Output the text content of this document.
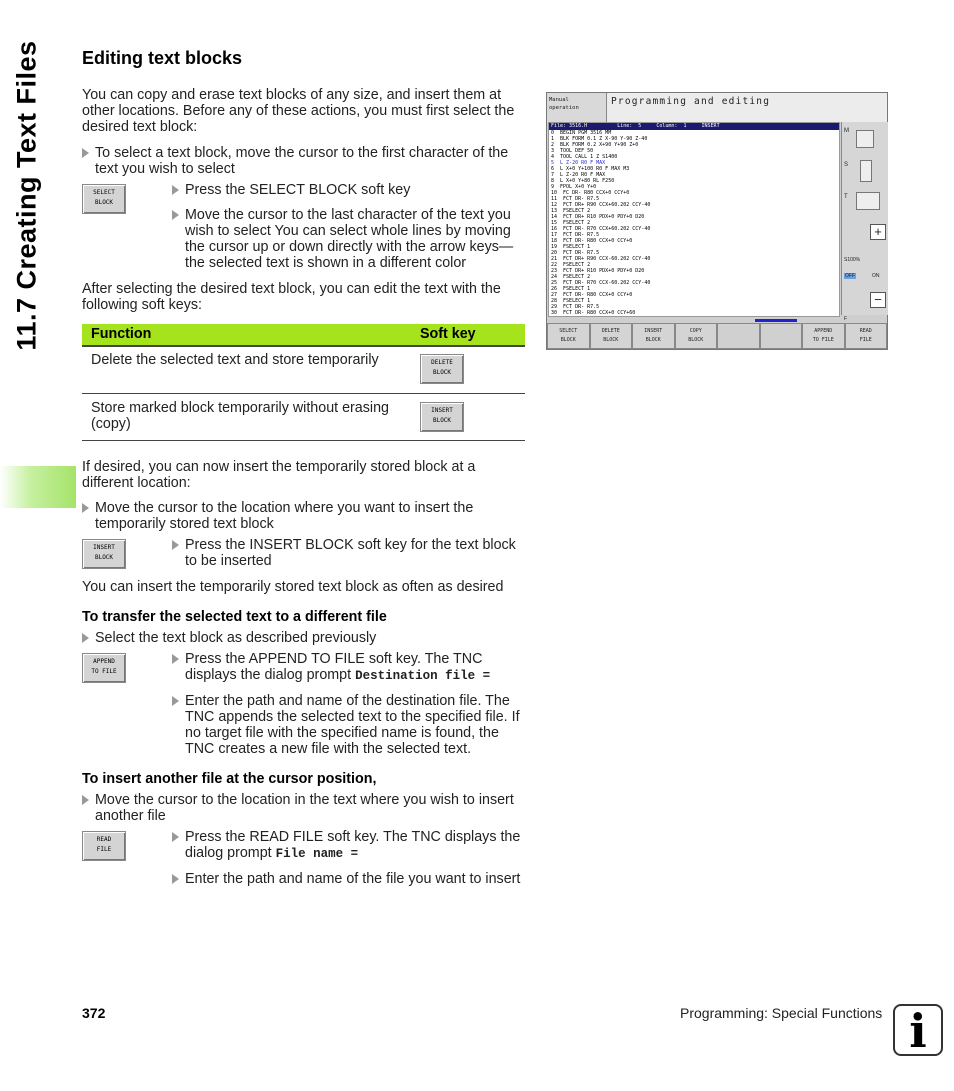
11.7 Creating Text Files Editing text blocks
You can copy and erase text blocks of any size, and insert them at
other locations. Before any of these actions, you must first select the
desired text block:
To select a text block, move the cursor to the first character of the
text you wish to select
SELECT
BLOCK
Press the SELECT BLOCK soft key
Move the cursor to the last character of the text you
wish to select You can select whole lines by moving
the cursor up or down directly with the arrow keys—
the selected text is shown in a different color
After selecting the desired text block, you can edit the text with the
following soft keys:
Function	Soft key
Delete the selected text and store temporarily	DELETE
BLOCK
Store marked block temporarily without erasing
(copy)
INSERT
BLOCK
If desired, you can now insert the temporarily stored block at a
different location:
Move the cursor to the location where you want to insert the
temporarily stored text block
INSERT
BLOCK
Press the INSERT BLOCK soft key for the text block
to be inserted
You can insert the temporarily stored text block as often as desired
To transfer the selected text to a different file
Select the text block as described previously
APPEND
TO FILE
Press the APPEND TO FILE soft key. The TNC
displays the dialog prompt Destination file =
Enter the path and name of the destination file. The
TNC appends the selected text to the specified file. If
no target file with the specified name is found, the
TNC creates a new file with the selected text.
To insert another file at the cursor position,
Move the cursor to the location in the text where you wish to insert
another file
READ
FILE
Press the READ FILE soft key. The TNC displays the
dialog prompt File name =
Enter the path and name of the file you want to insert
Manual
operation
Programming and editing
File: 3516.H          Line:  5     Column:  1     INSERT
0  BEGIN PGM 3516 MM
1  BLK FORM 0.1 Z X-90 Y-90 Z-40
2  BLK FORM 0.2 X+90 Y+90 Z+0
3  TOOL DEF 50
4  TOOL CALL 1 Z S1400
5  L Z-20 R0 F MAX
6  L X+0 Y+100 R0 F MAX M3
7  L Z-20 R0 F MAX
8  L X+0 Y+80 RL F250
9  FPOL X+0 Y+0
10  FC DR- R80 CCX+0 CCY+0
11  FCT DR- R7.5
12  FCT DR+ R90 CCX+60.202 CCY-40
13  FSELECT 2
14  FCT DR+ R10 PDX+0 PDY+0 D20
15  FSELECT 2
16  FCT DR- R70 CCX+60.202 CCY-40
17  FCT DR- R7.5
18  FCT DR- R80 CCX+0 CCY+0
19  FSELECT 1
20  FCT DR- R7.5
21  FCT DR+ R90 CCX-60.202 CCY-40
22  FSELECT 2
23  FCT DR+ R10 PDX+0 PDY+0 D20
24  FSELECT 2
25  FCT DR- R70 CCX-60.202 CCY-40
26  FSELECT 1
27  FCT DR- R80 CCX+0 CCY+0
28  FSELECT 1
29  FCT DR- R7.5
30  FCT DR- R80 CCX+0 CCY+60
M
S
T
+
S100%
OFF	ON
−
F
SELECT
BLOCK
DELETE
BLOCK
INSERT
BLOCK
COPY
BLOCK
APPEND
TO FILE
READ
FILE
372	Programming: Special Functions i
